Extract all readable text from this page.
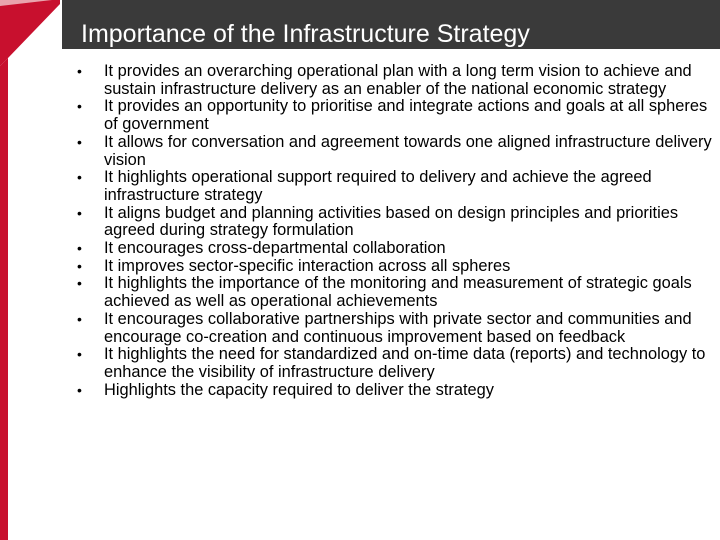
Importance of the Infrastructure Strategy
• It provides an overarching operational plan with a long term vision to achieve and sustain infrastructure delivery as an enabler of the national economic strategy
• It provides an opportunity to prioritise and integrate actions and goals at all spheres of government
• It allows for conversation and agreement towards one aligned infrastructure delivery vision
• It highlights operational support required to delivery and achieve the agreed infrastructure strategy
• It aligns budget and planning activities based on design principles and priorities agreed during strategy formulation
• It encourages cross-departmental collaboration
• It improves sector-specific interaction across all spheres
• It highlights the importance of the monitoring and measurement of strategic goals achieved as well as operational achievements
• It encourages collaborative partnerships with private sector and communities and encourage co-creation and continuous improvement based on feedback
• It highlights the need for standardized and on-time data (reports) and technology to enhance the visibility of infrastructure delivery
• Highlights the capacity required to deliver the strategy
